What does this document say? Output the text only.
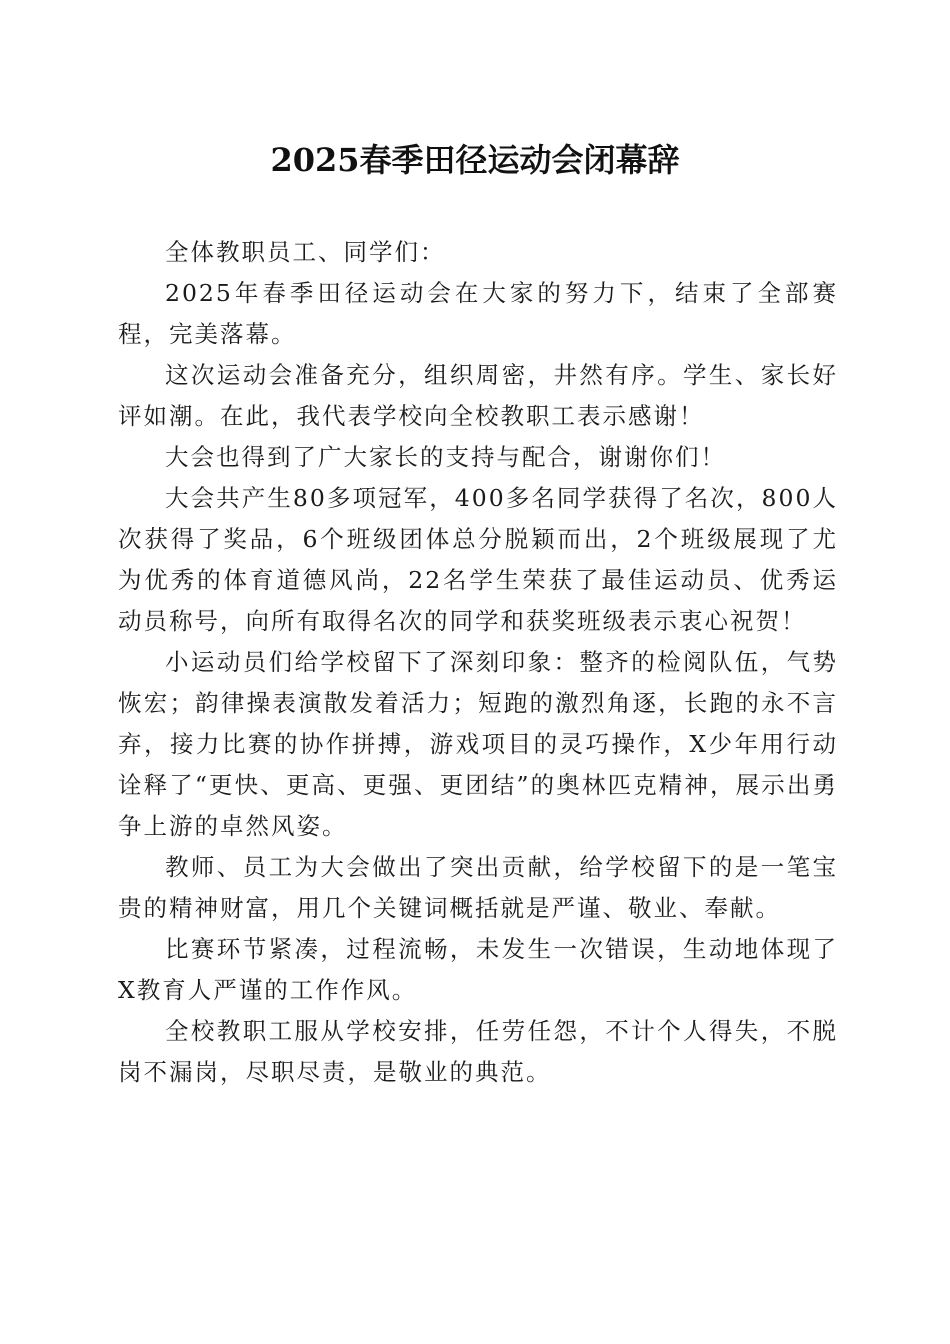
2025春季田径运动会闭幕辞

全体教职员工、同学们：

2025年春季田径运动会在大家的努力下，结束了全部赛程，完美落幕。

这次运动会准备充分，组织周密，井然有序。学生、家长好评如潮。在此，我代表学校向全校教职工表示感谢！

大会也得到了广大家长的支持与配合，谢谢你们！

大会共产生80多项冠军，400多名同学获得了名次，800人次获得了奖品，6个班级团体总分脱颖而出，2个班级展现了尤为优秀的体育道德风尚，22名学生荣获了最佳运动员、优秀运动员称号，向所有取得名次的同学和获奖班级表示衷心祝贺！

小运动员们给学校留下了深刻印象：整齐的检阅队伍，气势恢宏；韵律操表演散发着活力；短跑的激烈角逐，长跑的永不言弃，接力比赛的协作拼搏，游戏项目的灵巧操作，X少年用行动诠释了“更快、更高、更强、更团结”的奥林匹克精神，展示出勇争上游的卓然风姿。

教师、员工为大会做出了突出贡献，给学校留下的是一笔宝贵的精神财富，用几个关键词概括就是严谨、敬业、奉献。

比赛环节紧凑，过程流畅，未发生一次错误，生动地体现了X教育人严谨的工作作风。

全校教职工服从学校安排，任劳任怨，不计个人得失，不脱岗不漏岗，尽职尽责，是敬业的典范。
